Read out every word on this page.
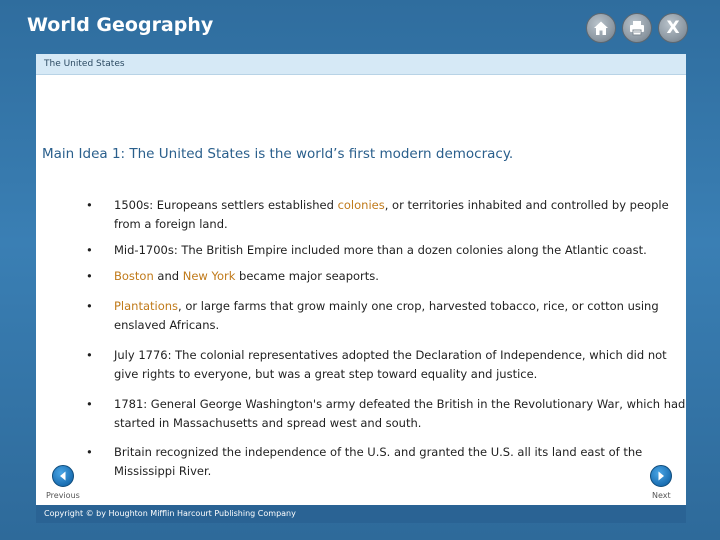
World Geography	X
The United States
Main Idea 1: The United States is the world’s first modern democracy.
•	1500s: Europeans settlers established colonies, or territories inhabited and controlled by people from a foreign land.
•	Mid-1700s: The British Empire included more than a dozen colonies along the Atlantic coast.
•	Boston and New York became major seaports.
•	Plantations, or large farms that grow mainly one crop, harvested tobacco, rice, or cotton using enslaved Africans.
•	July 1776: The colonial representatives adopted the Declaration of Independence, which did not give rights to everyone, but was a great step toward equality and justice.
•	1781: General George Washington's army defeated the British in the Revolutionary War, which had started in Massachusetts and spread west and south.
•	Britain recognized the independence of the U.S. and granted the U.S. all its land east of the Mississippi River.
Previous	Next
Copyright © by Houghton Mifflin Harcourt Publishing Company
